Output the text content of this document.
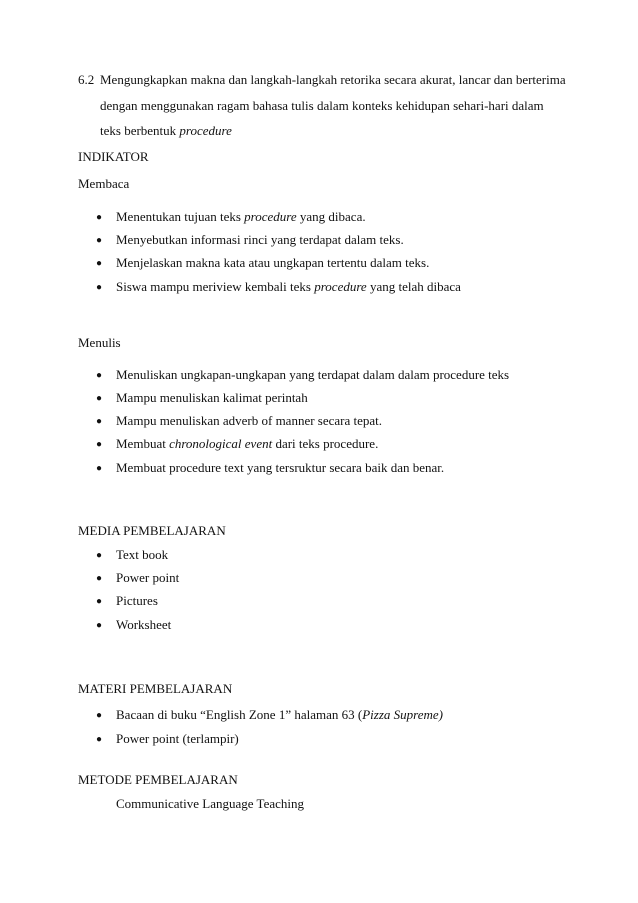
6.2 Mengungkapkan makna dan langkah-langkah retorika secara akurat, lancar dan berterima
dengan menggunakan ragam bahasa tulis dalam konteks kehidupan sehari-hari dalam
teks berbentuk procedure
INDIKATOR
Membaca
● Menentukan tujuan teks procedure yang dibaca.
● Menyebutkan informasi rinci yang terdapat dalam teks.
● Menjelaskan makna kata atau ungkapan tertentu dalam teks.
● Siswa mampu meriview kembali teks procedure yang telah dibaca
Menulis
● Menuliskan ungkapan-ungkapan yang terdapat dalam dalam procedure teks
● Mampu menuliskan kalimat perintah
● Mampu menuliskan adverb of manner secara tepat.
● Membuat chronological event dari teks procedure.
● Membuat procedure text yang tersruktur secara baik dan benar.
MEDIA PEMBELAJARAN
● Text book
● Power point
● Pictures
● Worksheet
MATERI PEMBELAJARAN
● Bacaan di buku “English Zone 1” halaman 63 (Pizza Supreme)
● Power point (terlampir)
METODE PEMBELAJARAN
Communicative Language Teaching
